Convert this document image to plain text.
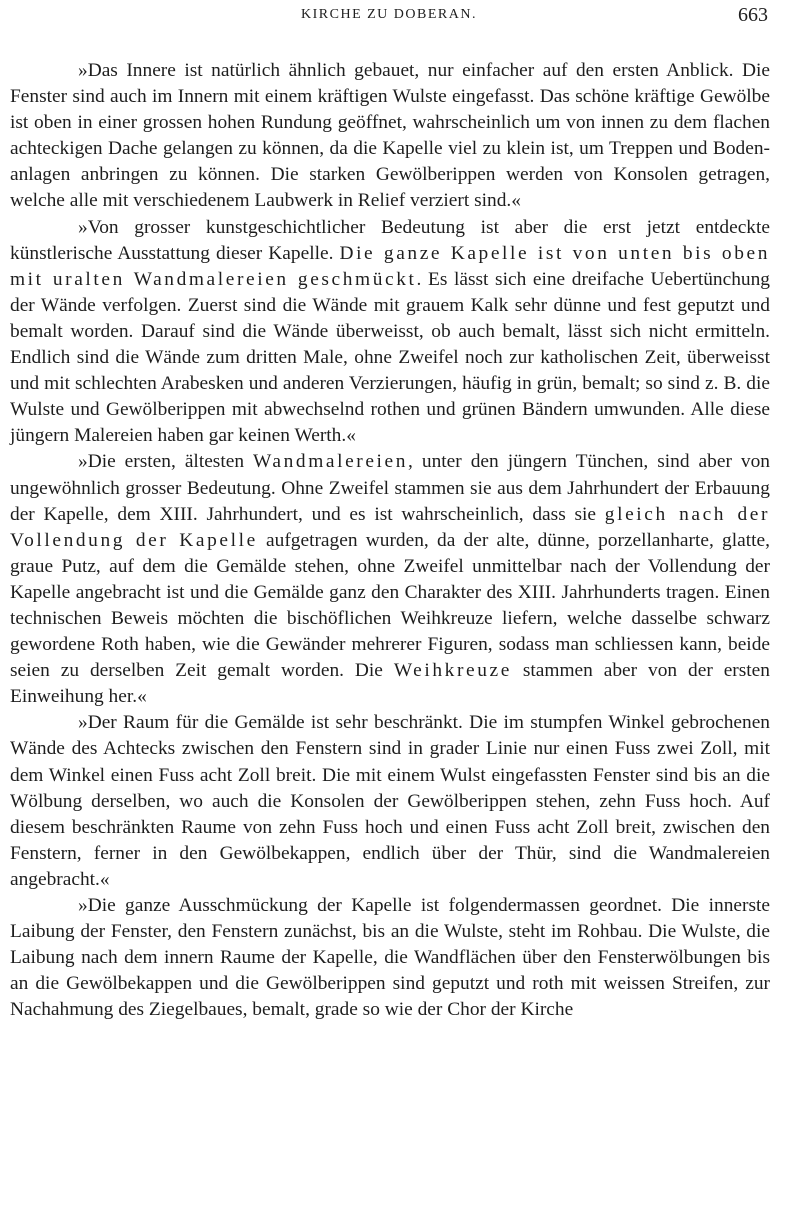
KIRCHE ZU DOBERAN.	663

»Das Innere ist natürlich ähnlich gebauet, nur einfacher auf den ersten Anblick. Die Fenster sind auch im Innern mit einem kräftigen Wulste eingefasst. Das schöne kräftige Gewölbe ist oben in einer grossen hohen Rundung geöffnet, wahrscheinlich um von innen zu dem flachen achteckigen Dache gelangen zu können, da die Kapelle viel zu klein ist, um Treppen und Bodenanlagen anbringen zu können. Die starken Gewölberippen werden von Konsolen getragen, welche alle mit verschiedenem Laubwerk in Relief verziert sind.«

»Von grosser kunstgeschichtlicher Bedeutung ist aber die erst jetzt entdeckte künstlerische Ausstattung dieser Kapelle. Die ganze Kapelle ist von unten bis oben mit uralten Wandmalereien geschmückt. Es lässt sich eine dreifache Uebertünchung der Wände verfolgen. Zuerst sind die Wände mit grauem Kalk sehr dünne und fest geputzt und bemalt worden. Darauf sind die Wände überweisst, ob auch bemalt, lässt sich nicht ermitteln. Endlich sind die Wände zum dritten Male, ohne Zweifel noch zur katholischen Zeit, überweisst und mit schlechten Arabesken und anderen Verzierungen, häufig in grün, bemalt; so sind z. B. die Wulste und Gewölberippen mit abwechselnd rothen und grünen Bändern umwunden. Alle diese jüngern Malereien haben gar keinen Werth.«

»Die ersten, ältesten Wandmalereien, unter den jüngern Tünchen, sind aber von ungewöhnlich grosser Bedeutung. Ohne Zweifel stammen sie aus dem Jahrhundert der Erbauung der Kapelle, dem XIII. Jahrhundert, und es ist wahrscheinlich, dass sie gleich nach der Vollendung der Kapelle aufgetragen wurden, da der alte, dünne, porzellanharte, glatte, graue Putz, auf dem die Gemälde stehen, ohne Zweifel unmittelbar nach der Vollendung der Kapelle angebracht ist und die Gemälde ganz den Charakter des XIII. Jahrhunderts tragen. Einen technischen Beweis möchten die bischöflichen Weihkreuze liefern, welche dasselbe schwarz gewordene Roth haben, wie die Gewänder mehrerer Figuren, sodass man schliessen kann, beide seien zu derselben Zeit gemalt worden. Die Weihkreuze stammen aber von der ersten Einweihung her.«

»Der Raum für die Gemälde ist sehr beschränkt. Die im stumpfen Winkel gebrochenen Wände des Achtecks zwischen den Fenstern sind in grader Linie nur einen Fuss zwei Zoll, mit dem Winkel einen Fuss acht Zoll breit. Die mit einem Wulst eingefassten Fenster sind bis an die Wölbung derselben, wo auch die Konsolen der Gewölberippen stehen, zehn Fuss hoch. Auf diesem beschränkten Raume von zehn Fuss hoch und einen Fuss acht Zoll breit, zwischen den Fenstern, ferner in den Gewölbekappen, endlich über der Thür, sind die Wandmalereien angebracht.«

»Die ganze Ausschmückung der Kapelle ist folgendermassen geordnet. Die innerste Laibung der Fenster, den Fenstern zunächst, bis an die Wulste, steht im Rohbau. Die Wulste, die Laibung nach dem innern Raume der Kapelle, die Wandflächen über den Fensterwölbungen bis an die Gewölbekappen und die Gewölberippen sind geputzt und roth mit weissen Streifen, zur Nachahmung des Ziegelbaues, bemalt, grade so wie der Chor der Kirche
